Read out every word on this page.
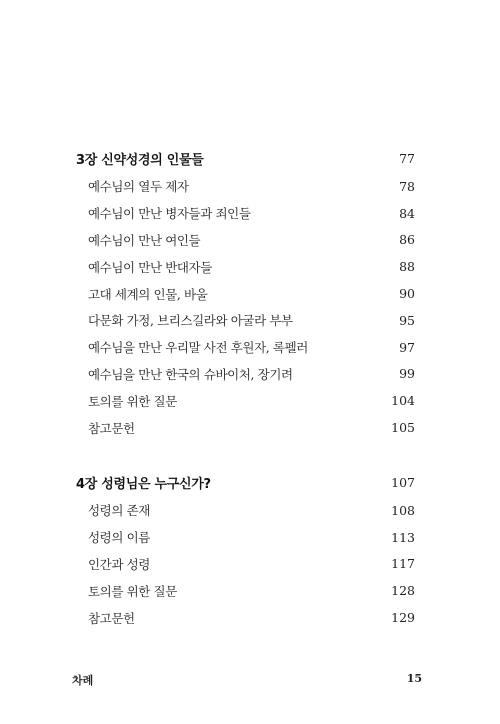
3장 신약성경의 인물들	77
예수님의 열두 제자	78
예수님이 만난 병자들과 죄인들	84
예수님이 만난 여인들	86
예수님이 만난 반대자들	88
고대 세계의 인물, 바울	90
다문화 가정, 브리스길라와 아굴라 부부	95
예수님을 만난 우리말 사전 후원자, 록펠러	97
예수님을 만난 한국의 슈바이처, 장기려	99
토의를 위한 질문	104
참고문헌	105
4장 성령님은 누구신가?	107
성령의 존재	108
성령의 이름	113
인간과 성령	117
토의를 위한 질문	128
참고문헌	129
차례	15
